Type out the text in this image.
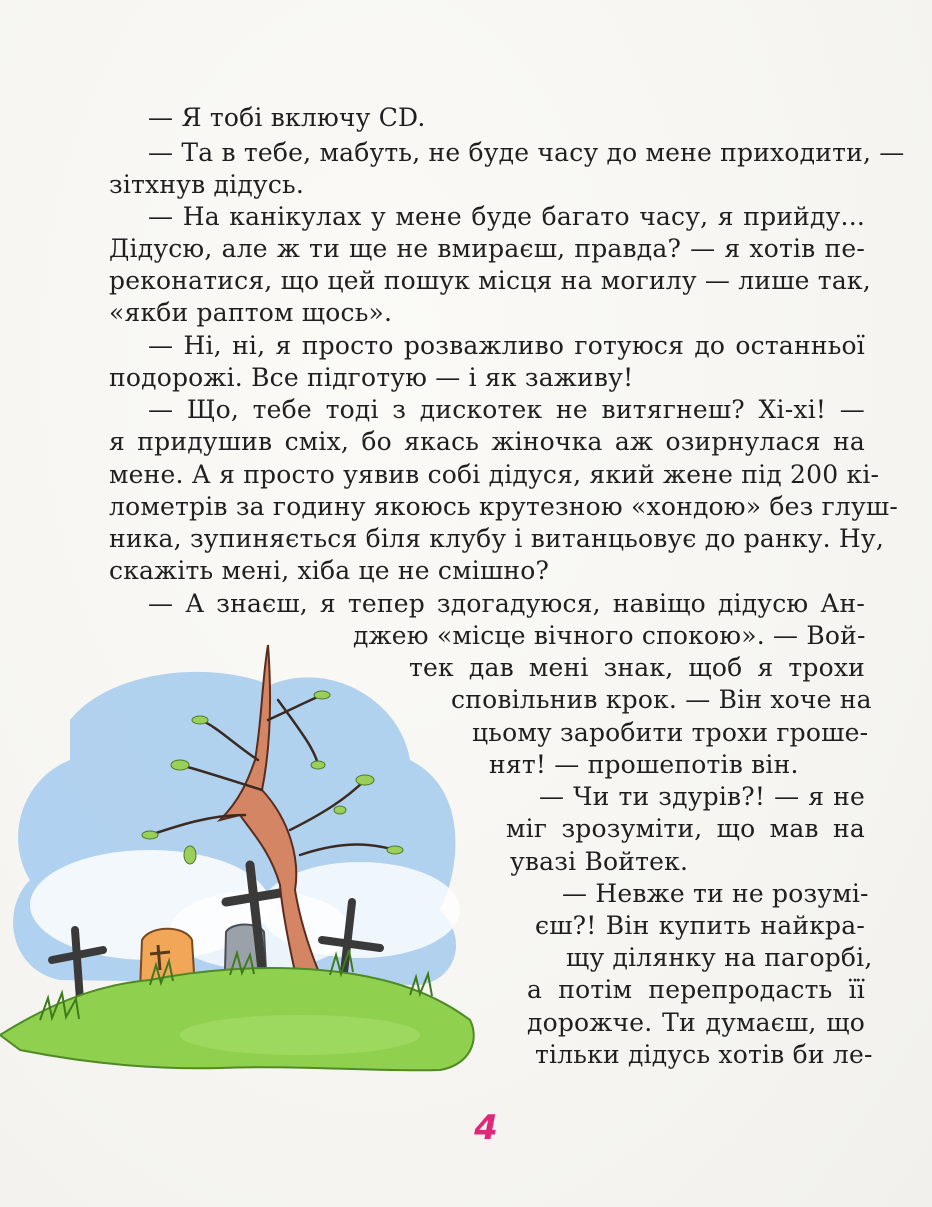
— Я тобі включу CD.
— Та в тебе, мабуть, не буде часу до мене приходити, —
зітхнув дідусь.
— На канікулах у мене буде багато часу, я прийду...
Дідусю, але ж ти ще не вмираєш, правда? — я хотів пе-
реконатися, що цей пошук місця на могилу — лише так,
«якби раптом щось».
— Ні, ні, я просто розважливо готуюся до останньої
подорожі. Все підготую — і як заживу!
— Що, тебе тоді з дискотек не витягнеш? Хі-хі! —
я придушив сміх, бо якась жіночка аж озирнулася на
мене. А я просто уявив собі дідуся, який жене під 200 кі-
лометрів за годину якоюсь крутезною «хондою» без глуш-
ника, зупиняється біля клубу і витанцьовує до ранку. Ну,
скажіть мені, хіба це не смішно?
— А знаєш, я тепер здогадуюся, навіщо дідусю Ан-
джею «місце вічного спокою». — Вой-
тек дав мені знак, щоб я трохи
сповільнив крок. — Він хоче на
цьому заробити трохи гроше-
нят! — прошепотів він.
— Чи ти здурів?! — я не
міг зрозуміти, що мав на
увазі Войтек.
— Невже ти не розумі-
єш?! Він купить найкра-
щу ділянку на пагорбі,
а потім перепродасть її
дорожче. Ти думаєш, що
тільки дідусь хотів би ле-
4
